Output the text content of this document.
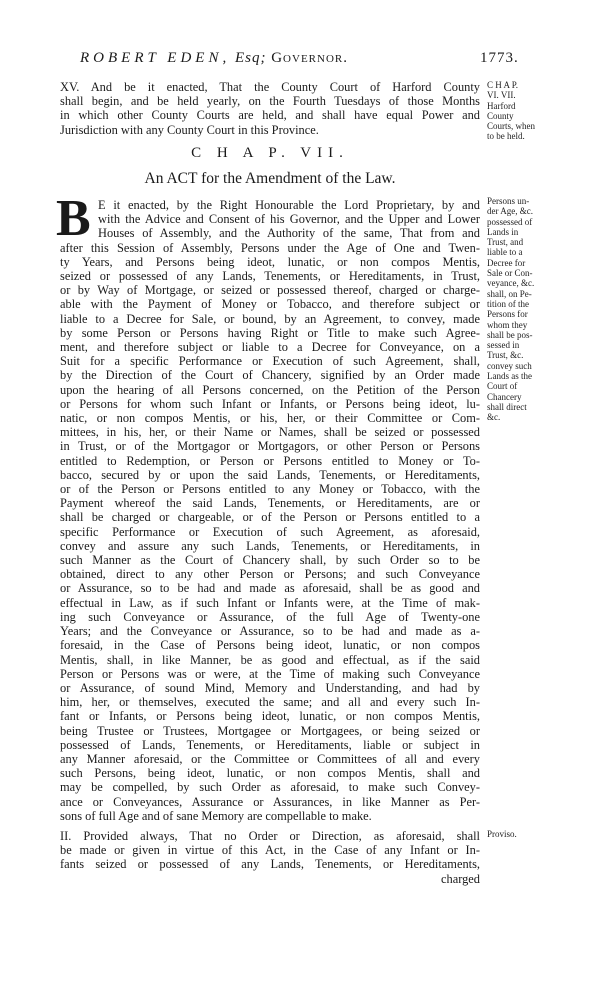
ROBERT EDEN, Esq; Governor.	1773.
XV. And be it enacted, That the County Court of Harford County
shall begin, and be held yearly, on the Fourth Tuesdays of those Months
in which other County Courts are held, and shall have equal Power and
Jurisdiction with any County Court in this Province.
C H A P.
VI. VII.
Harford
County
Courts, when
to be held.
C H A P. VII.
An ACT for the Amendment of the Law.
B E it enacted, by the Right Honourable the Lord Proprietary, by and
with the Advice and Consent of his Governor, and the Upper and Lower
Houses of Assembly, and the Authority of the same, That from and
after this Session of Assembly, Persons under the Age of One and Twen-
ty Years, and Persons being ideot, lunatic, or non compos Mentis,
seized or possessed of any Lands, Tenements, or Hereditaments, in Trust,
or by Way of Mortgage, or seized or possessed thereof, charged or charge-
able with the Payment of Money or Tobacco, and therefore subject or
liable to a Decree for Sale, or bound, by an Agreement, to convey, made
by some Person or Persons having Right or Title to make such Agree-
ment, and therefore subject or liable to a Decree for Conveyance, on a
Suit for a specific Performance or Execution of such Agreement, shall,
by the Direction of the Court of Chancery, signified by an Order made
upon the hearing of all Persons concerned, on the Petition of the Person
or Persons for whom such Infant or Infants, or Persons being ideot, lu-
natic, or non compos Mentis, or his, her, or their Committee or Com-
mittees, in his, her, or their Name or Names, shall be seized or possessed
in Trust, or of the Mortgagor or Mortgagors, or other Person or Persons
entitled to Redemption, or Person or Persons entitled to Money or To-
bacco, secured by or upon the said Lands, Tenements, or Hereditaments,
or of the Person or Persons entitled to any Money or Tobacco, with the
Payment whereof the said Lands, Tenements, or Hereditaments, are or
shall be charged or chargeable, or of the Person or Persons entitled to a
specific Performance or Execution of such Agreement, as aforesaid,
convey and assure any such Lands, Tenements, or Hereditaments, in
such Manner as the Court of Chancery shall, by such Order so to be
obtained, direct to any other Person or Persons; and such Conveyance
or Assurance, so to be had and made as aforesaid, shall be as good and
effectual in Law, as if such Infant or Infants were, at the Time of mak-
ing such Conveyance or Assurance, of the full Age of Twenty-one
Years; and the Conveyance or Assurance, so to be had and made as a-
foresaid, in the Case of Persons being ideot, lunatic, or non compos
Mentis, shall, in like Manner, be as good and effectual, as if the said
Person or Persons was or were, at the Time of making such Conveyance
or Assurance, of sound Mind, Memory and Understanding, and had by
him, her, or themselves, executed the same; and all and every such In-
fant or Infants, or Persons being ideot, lunatic, or non compos Mentis,
being Trustee or Trustees, Mortgagee or Mortgagees, or being seized or
possessed of Lands, Tenements, or Hereditaments, liable or subject in
any Manner aforesaid, or the Committee or Committees of all and every
such Persons, being ideot, lunatic, or non compos Mentis, shall and
may be compelled, by such Order as aforesaid, to make such Convey-
ance or Conveyances, Assurance or Assurances, in like Manner as Per-
sons of full Age and of sane Memory are compellable to make.
Persons un-
der Age, &c.
possessed of
Lands in
Trust, and
liable to a
Decree for
Sale or Con-
veyance, &c.
shall, on Pe-
tition of the
Persons for
whom they
shall be pos-
sessed in
Trust, &c.
convey such
Lands as the
Court of
Chancery
shall direct
&c.
II. Provided always, That no Order or Direction, as aforesaid, shall
be made or given in virtue of this Act, in the Case of any Infant or In-
fants seized or possessed of any Lands, Tenements, or Hereditaments,
charged
Proviso.
